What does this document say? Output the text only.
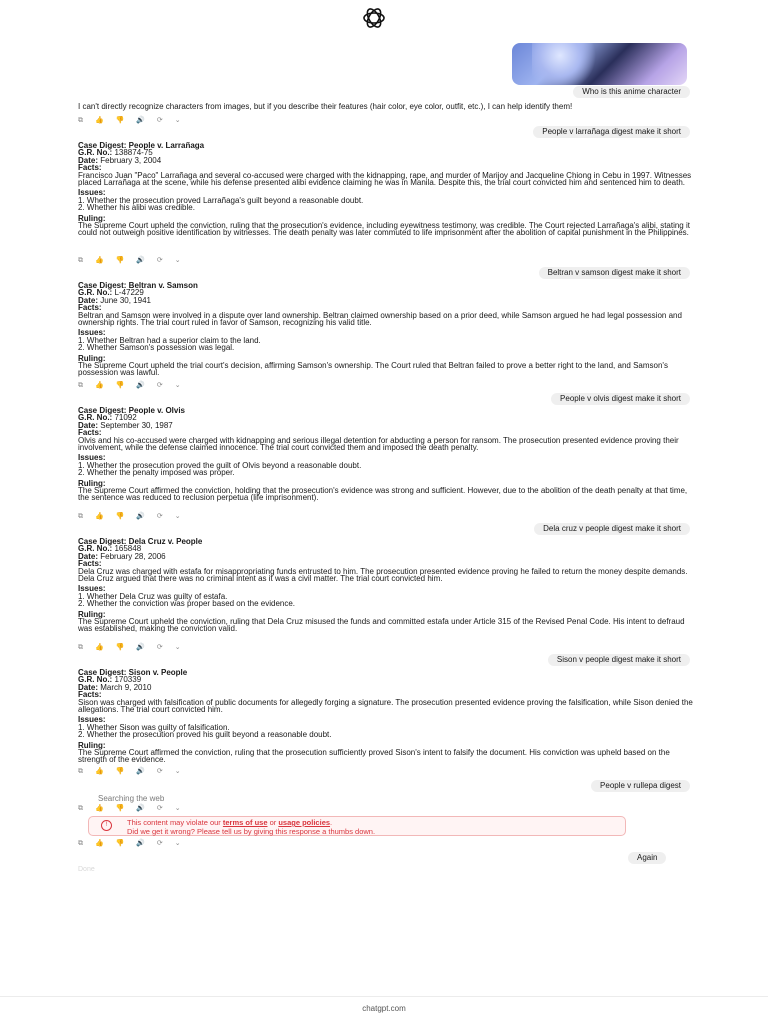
Who is this anime character

I can't directly recognize characters from images, but if you describe their features (hair color, eye color, outfit, etc.), I can help identify them!

⧉ 👍 👎 🔊 ⟳ ⌄
People v larrañaga digest make it short

Case Digest: People v. Larrañaga

G.R. No.: 138874-75

Date: February 3, 2004

Facts:

Francisco Juan "Paco" Larrañaga and several co-accused were charged with the kidnapping, rape, and murder of Marijoy and Jacqueline Chiong in Cebu in 1997. Witnesses placed Larrañaga at the scene, while his defense presented alibi evidence claiming he was in Manila. Despite this, the trial court convicted him and sentenced him to death.

Issues:

1. Whether the prosecution proved Larrañaga's guilt beyond a reasonable doubt.

2. Whether his alibi was credible.

Ruling:

The Supreme Court upheld the conviction, ruling that the prosecution's evidence, including eyewitness testimony, was credible. The Court rejected Larrañaga's alibi, stating it could not outweigh positive identification by witnesses. The death penalty was later commuted to life imprisonment after the abolition of capital punishment in the Philippines.

⧉ 👍 👎 🔊 ⟳ ⌄
Beltran v samson digest make it short

Case Digest: Beltran v. Samson

G.R. No.: L-47229

Date: June 30, 1941

Facts:

Beltran and Samson were involved in a dispute over land ownership. Beltran claimed ownership based on a prior deed, while Samson argued he had legal possession and ownership rights. The trial court ruled in favor of Samson, recognizing his valid title.

Issues:

1. Whether Beltran had a superior claim to the land.

2. Whether Samson's possession was legal.

Ruling:

The Supreme Court upheld the trial court's decision, affirming Samson's ownership. The Court ruled that Beltran failed to prove a better right to the land, and Samson's possession was lawful.

⧉ 👍 👎 🔊 ⟳ ⌄
People v olvis digest make it short

Case Digest: People v. Olvis

G.R. No.: 71092

Date: September 30, 1987

Facts:

Olvis and his co-accused were charged with kidnapping and serious illegal detention for abducting a person for ransom. The prosecution presented evidence proving their involvement, while the defense claimed innocence. The trial court convicted them and imposed the death penalty.

Issues:

1. Whether the prosecution proved the guilt of Olvis beyond a reasonable doubt.

2. Whether the penalty imposed was proper.

Ruling:

The Supreme Court affirmed the conviction, holding that the prosecution's evidence was strong and sufficient. However, due to the abolition of the death penalty at that time, the sentence was reduced to reclusion perpetua (life imprisonment).

⧉ 👍 👎 🔊 ⟳ ⌄
Dela cruz v people digest make it short

Case Digest: Dela Cruz v. People

G.R. No.: 165848

Date: February 28, 2006

Facts:

Dela Cruz was charged with estafa for misappropriating funds entrusted to him. The prosecution presented evidence proving he failed to return the money despite demands. Dela Cruz argued that there was no criminal intent as it was a civil matter. The trial court convicted him.

Issues:

1. Whether Dela Cruz was guilty of estafa.

2. Whether the conviction was proper based on the evidence.

Ruling:

The Supreme Court upheld the conviction, ruling that Dela Cruz misused the funds and committed estafa under Article 315 of the Revised Penal Code. His intent to defraud was established, making the conviction valid.

⧉ 👍 👎 🔊 ⟳ ⌄
Sison v people digest make it short

Case Digest: Sison v. People

G.R. No.: 170339

Date: March 9, 2010

Facts:

Sison was charged with falsification of public documents for allegedly forging a signature. The prosecution presented evidence proving the falsification, while Sison denied the allegations. The trial court convicted him.

Issues:

1. Whether Sison was guilty of falsification.

2. Whether the prosecution proved his guilt beyond a reasonable doubt.

Ruling:

The Supreme Court affirmed the conviction, ruling that the prosecution sufficiently proved Sison's intent to falsify the document. His conviction was upheld based on the strength of the evidence.

⧉ 👍 👎 🔊 ⟳ ⌄
People v rullepa digest
Searching the web
⧉ 👍 👎 🔊 ⟳ ⌄
!	This content may violate our terms of use or usage policies.
Did we get it wrong? Please tell us by giving this response a thumbs down.
⧉ 👍 👎 🔊 ⟳ ⌄
Again
Done
chatgpt.com
